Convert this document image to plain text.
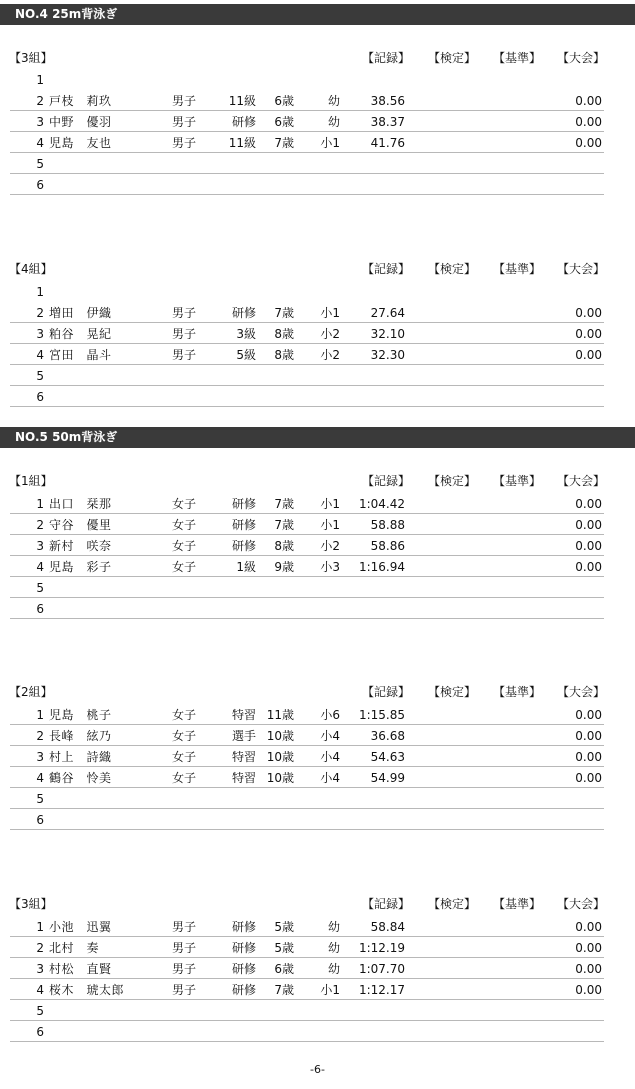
NO.4 25m背泳ぎ
【3組】	【記録】 【検定】 【基準】 【大会】
1
2 戸枝　莉玖	男子	11級	6歳	幼	38.56	0.00
3 中野　優羽	男子	研修	6歳	幼	38.37	0.00
4 児島　友也	男子	11級	7歳	小1	41.76	0.00
5
6
【4組】	【記録】 【検定】 【基準】 【大会】
1
2 増田　伊織	男子	研修	7歳	小1	27.64	0.00
3 粕谷　晃紀	男子	3級	8歳	小2	32.10	0.00
4 宮田　晶斗	男子	5級	8歳	小2	32.30	0.00
5
6
NO.5 50m背泳ぎ
【1組】	【記録】 【検定】 【基準】 【大会】
1 出口　栞那	女子	研修	7歳	小1	1:04.42	0.00
2 守谷　優里	女子	研修	7歳	小1	58.88	0.00
3 新村　咲奈	女子	研修	8歳	小2	58.86	0.00
4 児島　彩子	女子	1級	9歳	小3	1:16.94	0.00
5
6
【2組】	【記録】 【検定】 【基準】 【大会】
1 児島　桃子	女子	特習 11歳	小6	1:15.85	0.00
2 長峰　絃乃	女子	選手 10歳	小4	36.68	0.00
3 村上　詩織	女子	特習 10歳	小4	54.63	0.00
4 鶴谷　怜美	女子	特習 10歳	小4	54.99	0.00
5
6
【3組】	【記録】 【検定】 【基準】 【大会】
1 小池　迅翼	男子	研修	5歳	幼	58.84	0.00
2 北村　奏	男子	研修	5歳	幼	1:12.19	0.00
3 村松　直賢	男子	研修	6歳	幼	1:07.70	0.00
4 桜木　琥太郎	男子	研修	7歳	小1	1:12.17	0.00
5
6
-6-
